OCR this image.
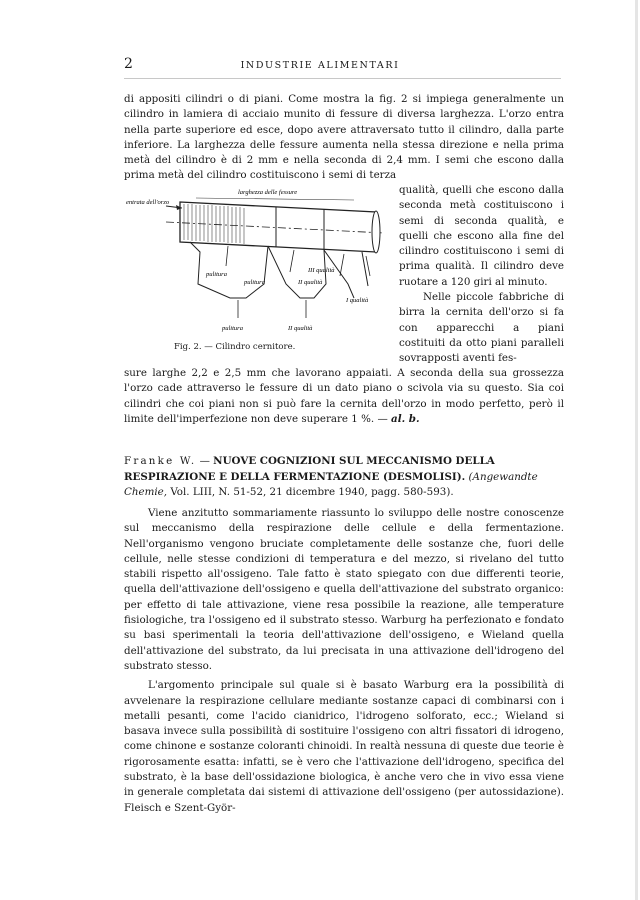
2	INDUSTRIE ALIMENTARI

di appositi cilindri o di piani. Come mostra la fig. 2 si impiega generalmente un cilindro in lamiera di acciaio munito di fessure di diversa larghezza. L'orzo entra nella parte superiore ed esce, dopo avere attraversato tutto il cilindro, dalla parte inferiore. La larghezza delle fessure aumenta nella stessa direzione e nella prima metà del cilindro è di 2 mm e nella seconda di 2,4 mm. I semi che escono dalla prima metà del cilindro costituiscono i semi di terza

entrata dell'orzo
larghezza delle fessure
pulitura
pulitura
III qualità
II qualità
I qualità
pulitura	II qualità
Fig. 2. — Cilindro cernitore.

qualità, quelli che escono dalla seconda metà costituiscono i semi di seconda qualità, e quelli che escono alla fine del cilindro costituiscono i semi di prima qualità. Il cilindro deve ruotare a 120 giri al minuto.

Nelle piccole fabbriche di birra la cernita dell'orzo si fa con apparecchi a piani costituiti da otto piani paralleli sovrapposti aventi fes-

sure larghe 2,2 e 2,5 mm che lavorano appaiati. A seconda della sua grossezza l'orzo cade attraverso le fessure di un dato piano o scivola via su questo. Sia coi cilindri che coi piani non si può fare la cernita dell'orzo in modo perfetto, però il limite dell'imperfezione non deve superare 1 %. — al. b.

Franke W. — NUOVE COGNIZIONI SUL MECCANISMO DELLA RESPIRAZIONE E DELLA FERMENTAZIONE (DESMOLISI). (Angewandte Chemie, Vol. LIII, N. 51-52, 21 dicembre 1940, pagg. 580-593).

Viene anzitutto sommariamente riassunto lo sviluppo delle nostre conoscenze sul meccanismo della respirazione delle cellule e della fermentazione. Nell'organismo vengono bruciate completamente delle sostanze che, fuori delle cellule, nelle stesse condizioni di temperatura e del mezzo, si rivelano del tutto stabili rispetto all'ossigeno. Tale fatto è stato spiegato con due differenti teorie, quella dell'attivazione dell'ossigeno e quella dell'attivazione del substrato organico: per effetto di tale attivazione, viene resa possibile la reazione, alle temperature fisiologiche, tra l'ossigeno ed il substrato stesso. Warburg ha perfezionato e fondato su basi sperimentali la teoria dell'attivazione dell'ossigeno, e Wieland quella dell'attivazione del substrato, da lui precisata in una attivazione dell'idrogeno del substrato stesso.

L'argomento principale sul quale si è basato Warburg era la possibilità di avvelenare la respirazione cellulare mediante sostanze capaci di combinarsi con i metalli pesanti, come l'acido cianidrico, l'idrogeno solforato, ecc.; Wieland si basava invece sulla possibilità di sostituire l'ossigeno con altri fissatori di idrogeno, come chinone e sostanze coloranti chinoidi. In realtà nessuna di queste due teorie è rigorosamente esatta: infatti, se è vero che l'attivazione dell'idrogeno, specifica del substrato, è la base dell'ossidazione biologica, è anche vero che in vivo essa viene in generale completata dai sistemi di attivazione dell'ossigeno (per autossidazione). Fleisch e Szent-Györ-
